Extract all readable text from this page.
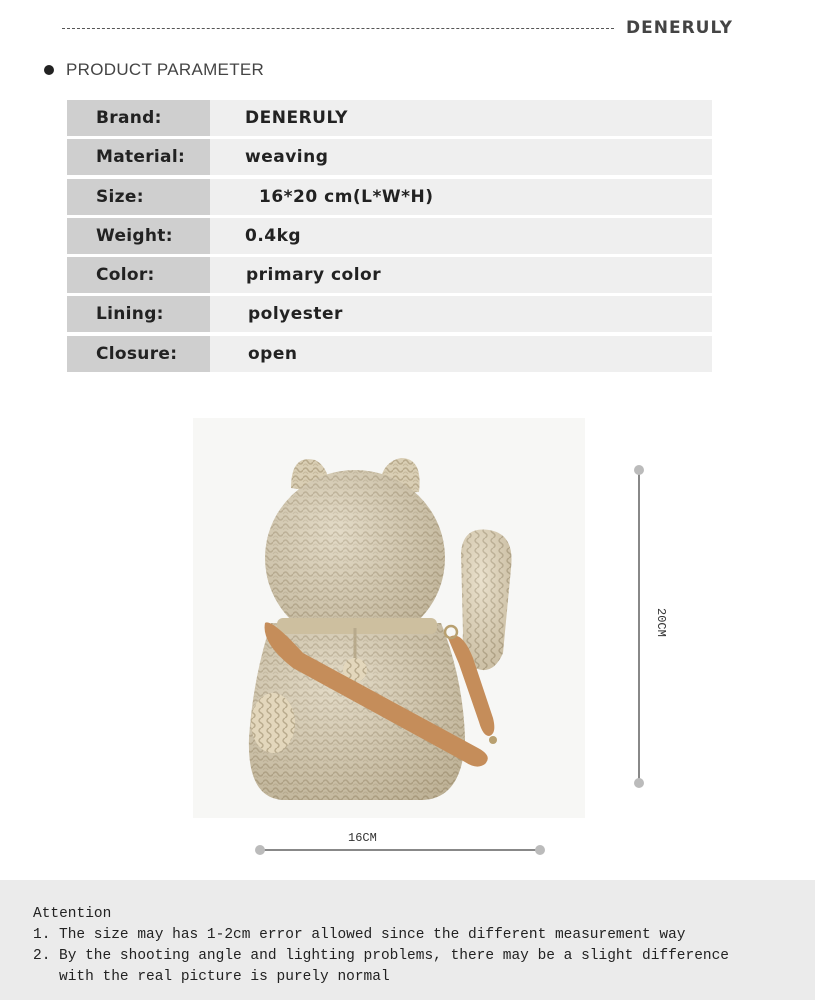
DENERULY
PRODUCT PARAMETER
Brand:	DENERULY
Material:	weaving
Size:	16*20 cm(L*W*H)
Weight:	0.4kg
Color:	primary color
Lining:	polyester
Closure:	open
20CM
16CM
Attention
1. The size may has 1-2cm error allowed since the different measurement way
2. By the shooting angle and lighting problems, there may be a slight difference with the real picture is purely normal
